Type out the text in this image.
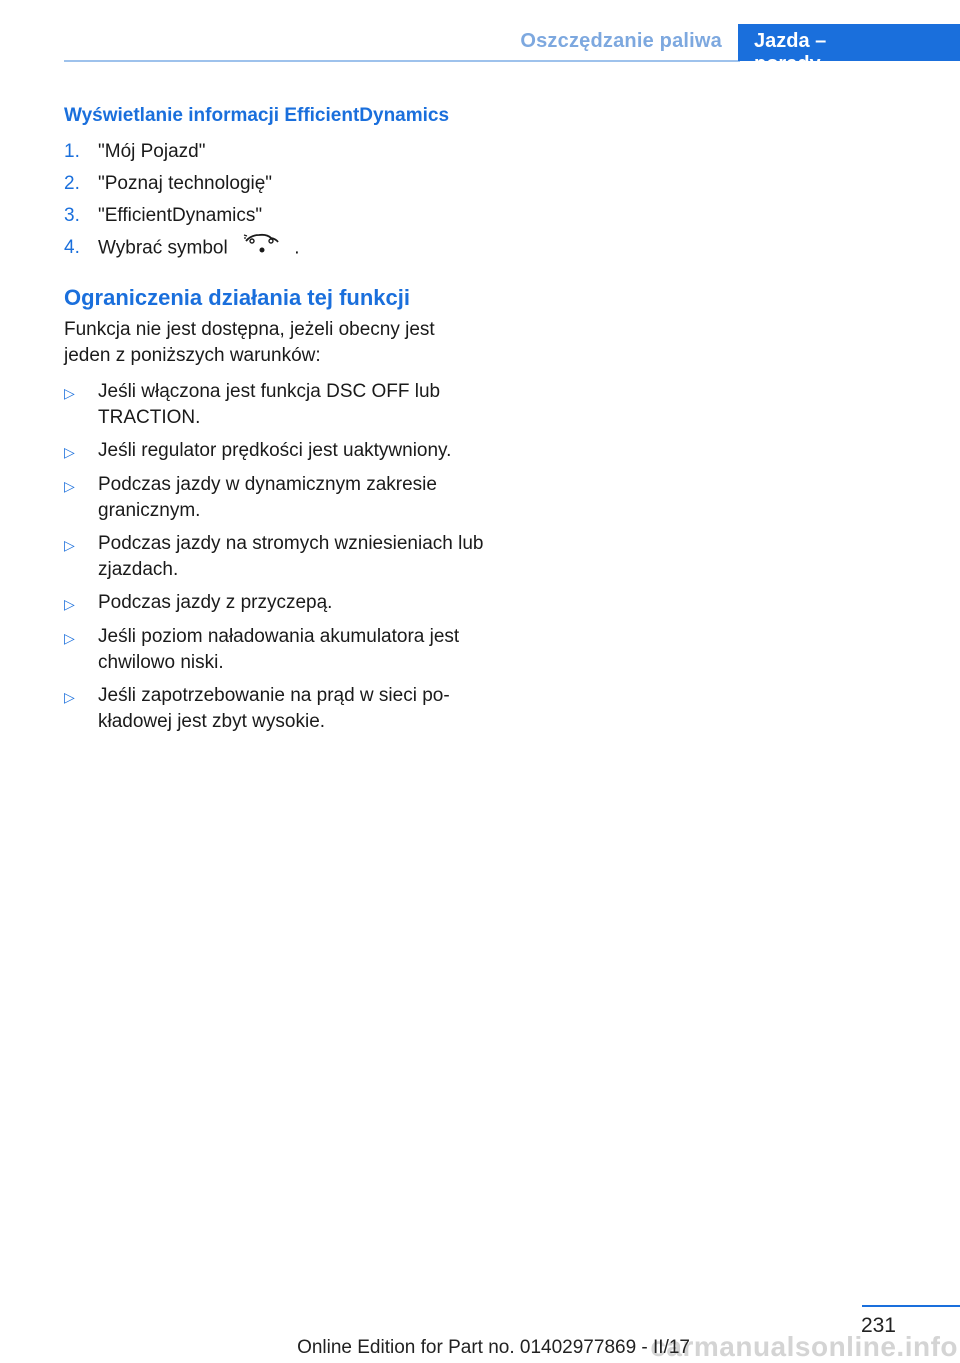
Oszczędzanie paliwa	Jazda – porady
Wyświetlanie informacji EfficientDynamics
1. "Mój Pojazd"
2. "Poznaj technologię"
3. "EfficientDynamics"
4. Wybrać symbol	.
Ograniczenia działania tej funkcji

Funkcja nie jest dostępna, jeżeli obecny jest jeden z poniższych warunków:

▷	Jeśli włączona jest funkcja DSC OFF lub TRACTION.
▷	Jeśli regulator prędkości jest uaktywniony.
▷	Podczas jazdy w dynamicznym zakresie granicznym.
▷	Podczas jazdy na stromych wzniesieniach lub zjazdach.
▷	Podczas jazdy z przyczepą.
▷	Jeśli poziom naładowania akumulatora jest chwilowo niski.
▷	Jeśli zapotrzebowanie na prąd w sieci po-kładowej jest zbyt wysokie.
231
carmanualsonline.info
Online Edition for Part no. 01402977869 - II/17
